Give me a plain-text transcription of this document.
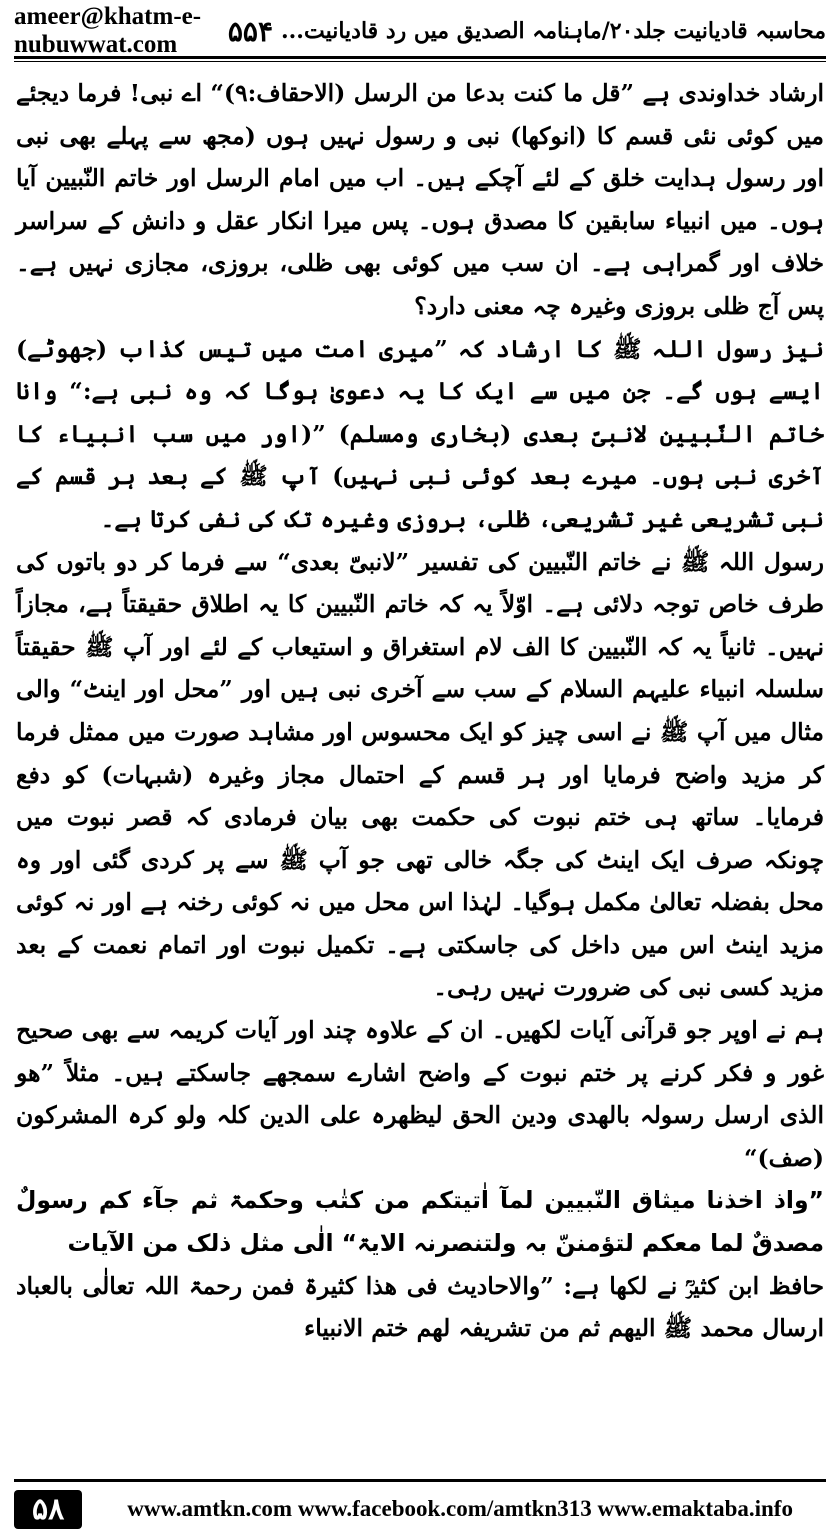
ameer@khatm-e-nubuwwat.com	۵۵۴ محاسبہ قادیانیت جلد۲۰/ماہنامہ الصدیق میں رد قادیانیت...

ارشاد خداوندی ہے ”قل ما کنت بدعا من الرسل (الاحقاف:۹)“ اے نبی! فرما دیجئے میں کوئی نئی قسم کا (انوکھا) نبی و رسول نہیں ہوں (مجھ سے پہلے بھی نبی اور رسول ہدایت خلق کے لئے آچکے ہیں۔ اب میں امام الرسل اور خاتم النّبیین آیا ہوں۔ میں انبیاء سابقین کا مصدق ہوں۔ پس میرا انکار عقل و دانش کے سراسر خلاف اور گمراہی ہے۔ ان سب میں کوئی بھی ظلی، بروزی، مجازی نہیں ہے۔ پس آج ظلی بروزی وغیرہ چہ معنی دارد؟

نیز رسول اللہ ﷺ کا ارشاد کہ ”میری امت میں تیس کذاب (جھوٹے) ایسے ہوں گے۔ جن میں سے ایک کا یہ دعویٰ ہوگا کہ وہ نبی ہے:“ وانا خاتم النّبیین لانبیّ بعدی (بخاری ومسلم) ”(اور میں سب انبیاء کا آخری نبی ہوں۔ میرے بعد کوئی نبی نہیں) آپ ﷺ کے بعد ہر قسم کے نبی تشریعی غیر تشریعی، ظلی، بروزی وغیرہ تک کی نفی کرتا ہے۔

رسول اللہ ﷺ نے خاتم النّبیین کی تفسیر ”لانبیّ بعدی“ سے فرما کر دو باتوں کی طرف خاص توجہ دلائی ہے۔ اوّلاً یہ کہ خاتم النّبیین کا یہ اطلاق حقیقتاً ہے، مجازاً نہیں۔ ثانیاً یہ کہ النّبیین کا الف لام استغراق و استیعاب کے لئے اور آپ ﷺ حقیقتاً سلسلہ انبیاء علیہم السلام کے سب سے آخری نبی ہیں اور ”محل اور اینٹ“ والی مثال میں آپ ﷺ نے اسی چیز کو ایک محسوس اور مشاہد صورت میں ممثل فرما کر مزید واضح فرمایا اور ہر قسم کے احتمال مجاز وغیرہ (شبہات) کو دفع فرمایا۔ ساتھ ہی ختم نبوت کی حکمت بھی بیان فرمادی کہ قصر نبوت میں چونکہ صرف ایک اینٹ کی جگہ خالی تھی جو آپ ﷺ سے پر کردی گئی اور وہ محل بفضلہ تعالیٰ مکمل ہوگیا۔ لہٰذا اس محل میں نہ کوئی رخنہ ہے اور نہ کوئی مزید اینٹ اس میں داخل کی جاسکتی ہے۔ تکمیل نبوت اور اتمام نعمت کے بعد مزید کسی نبی کی ضرورت نہیں رہی۔

ہم نے اوپر جو قرآنی آیات لکھیں۔ ان کے علاوہ چند اور آیات کریمہ سے بھی صحیح غور و فکر کرنے پر ختم نبوت کے واضح اشارے سمجھے جاسکتے ہیں۔ مثلاً ”ھو الذی ارسل رسولہ بالھدی ودین الحق لیظھرہ علی الدین کلہ ولو کرہ المشرکون (صف)“

”واذ اخذنا میثاق النّبیین لمآ اٰتیتکم من کتٰب وحکمۃ ثم جآء کم رسولٌ مصدقٌ لما معکم لتؤمننّ بہ ولتنصرنہ الایۃ“ الٰی مثل ذلک من الآیات

حافظ ابن کثیرؒ نے لکھا ہے: ”والاحادیث فی ھذا کثیرۃ فمن رحمۃ اللہ تعالٰی بالعباد ارسال محمد ﷺ الیھم ثم من تشریفہ لھم ختم الانبیاء

۵۸	www.amtkn.com www.facebook.com/amtkn313 www.emaktaba.info
